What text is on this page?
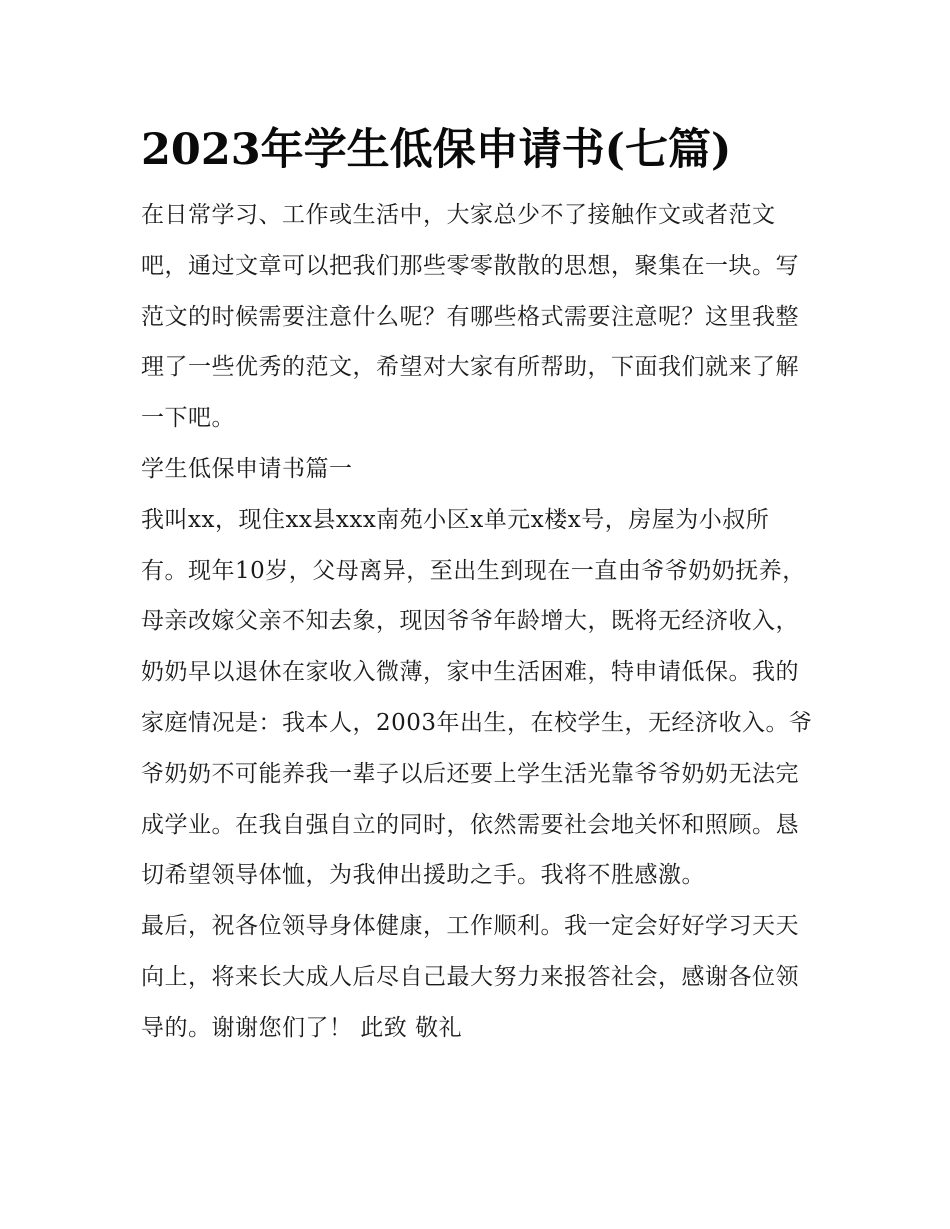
2023年学生低保申请书(七篇)

在日常学习、工作或生活中，大家总少不了接触作文或者范文吧，通过文章可以把我们那些零零散散的思想，聚集在一块。写范文的时候需要注意什么呢？有哪些格式需要注意呢？这里我整理了一些优秀的范文，希望对大家有所帮助，下面我们就来了解一下吧。

学生低保申请书篇一

我叫xx，现住xx县xxx南苑小区x单元x楼x号，房屋为小叔所有。现年10岁，父母离异，至出生到现在一直由爷爷奶奶抚养，母亲改嫁父亲不知去象，现因爷爷年龄增大，既将无经济收入，奶奶早以退休在家收入微薄，家中生活困难，特申请低保。我的家庭情况是：我本人，2003年出生，在校学生，无经济收入。爷爷奶奶不可能养我一辈子以后还要上学生活光靠爷爷奶奶无法完成学业。在我自强自立的同时，依然需要社会地关怀和照顾。恳切希望领导体恤，为我伸出援助之手。我将不胜感激。

最后，祝各位领导身体健康，工作顺利。我一定会好好学习天天向上，将来长大成人后尽自己最大努力来报答社会，感谢各位领导的。谢谢您们了！ 此致 敬礼
